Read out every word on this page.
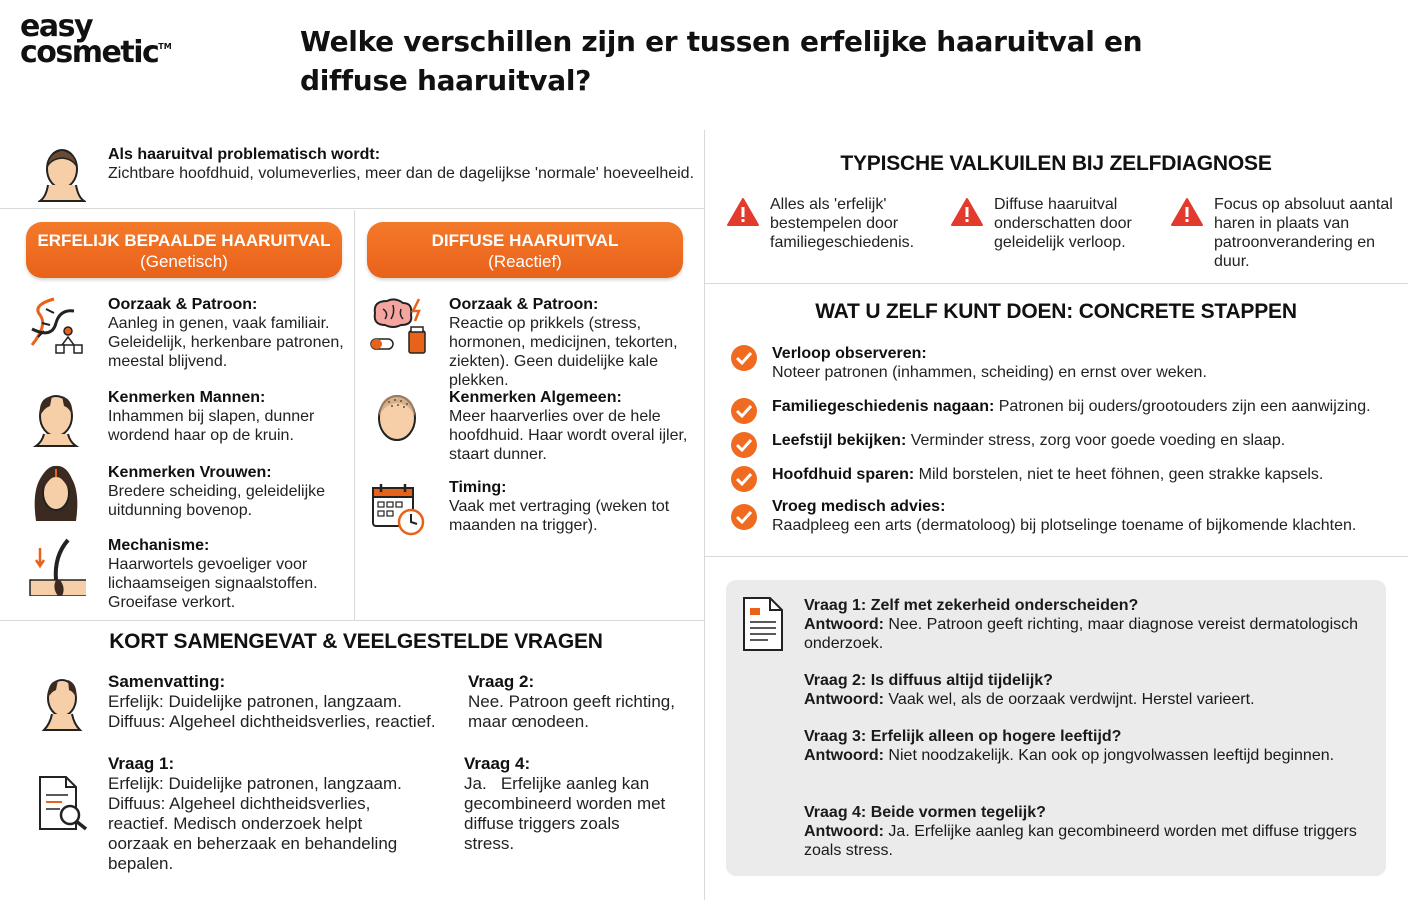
easy
cosmetic™	Welke verschillen zijn er tussen erfelijke haaruitval en diffuse haaruitval?
Als haaruitval problematisch wordt:
Zichtbare hoofdhuid, volumeverlies, meer dan de dagelijkse 'normale' hoeveelheid.
ERFELIJK BEPAALDE HAARUITVAL
(Genetisch)
DIFFUSE HAARUITVAL
(Reactief)
Oorzaak & Patroon:
Aanleg in genen, vaak familiair. Geleidelijk, herkenbare patronen, meestal blijvend.
Kenmerken Mannen:
Inhammen bij slapen, dunner wordend haar op de kruin.
Kenmerken Vrouwen:
Bredere scheiding, geleidelijke uitdunning bovenop.
Mechanisme:
Haarwortels gevoeliger voor lichaamseigen signaalstoffen. Groeifase verkort.
Oorzaak & Patroon:
Reactie op prikkels (stress, hormonen, medicijnen, tekorten, ziekten). Geen duidelijke kale plekken.
Kenmerken Algemeen:
Meer haarverlies over de hele hoofdhuid. Haar wordt overal ijler, staart dunner.
Timing:
Vaak met vertraging (weken tot maanden na trigger).
TYPISCHE VALKUILEN BIJ ZELFDIAGNOSE
Alles als 'erfelijk' bestempelen door familiegeschiedenis.
Diffuse haaruitval onderschatten door geleidelijk verloop.
Focus op absoluut aantal haren in plaats van patroonverandering en duur.
WAT U ZELF KUNT DOEN: CONCRETE STAPPEN
Verloop observeren:
Noteer patronen (inhammen, scheiding) en ernst over weken.
Familiegeschiedenis nagaan: Patronen bij ouders/grootouders zijn een aanwijzing.
Leefstijl bekijken: Verminder stress, zorg voor goede voeding en slaap.
Hoofdhuid sparen: Mild borstelen, niet te heet föhnen, geen strakke kapsels.
Vroeg medisch advies:
Raadpleeg een arts (dermatoloog) bij plotselinge toename of bijkomende klachten.
KORT SAMENGEVAT & VEELGESTELDE VRAGEN
Samenvatting:
Erfelijk: Duidelijke patronen, langzaam.
Diffuus: Algeheel dichtheidsverlies, reactief.
Vraag 2:
Nee. Patroon geeft richting, maar œnodeen.
Vraag 1:
Erfelijk: Duidelijke patronen, langzaam. Diffuus: Algeheel dichtheidsverlies, reactief. Medisch onderzoek helpt oorzaak en beherzaak en behandeling bepalen.
Vraag 4:
Ja.   Erfelijke aanleg kan gecombineerd worden met diffuse triggers zoals stress.
Vraag 1: Zelf met zekerheid onderscheiden?
Antwoord: Nee. Patroon geeft richting, maar diagnose vereist dermatologisch onderzoek.
Vraag 2: Is diffuus altijd tijdelijk?
Antwoord: Vaak wel, als de oorzaak verdwijnt. Herstel varieert.
Vraag 3: Erfelijk alleen op hogere leeftijd?
Antwoord: Niet noodzakelijk. Kan ook op jongvolwassen leeftijd beginnen.
Vraag 4: Beide vormen tegelijk?
Antwoord: Ja. Erfelijke aanleg kan gecombineerd worden met diffuse triggers zoals stress.
